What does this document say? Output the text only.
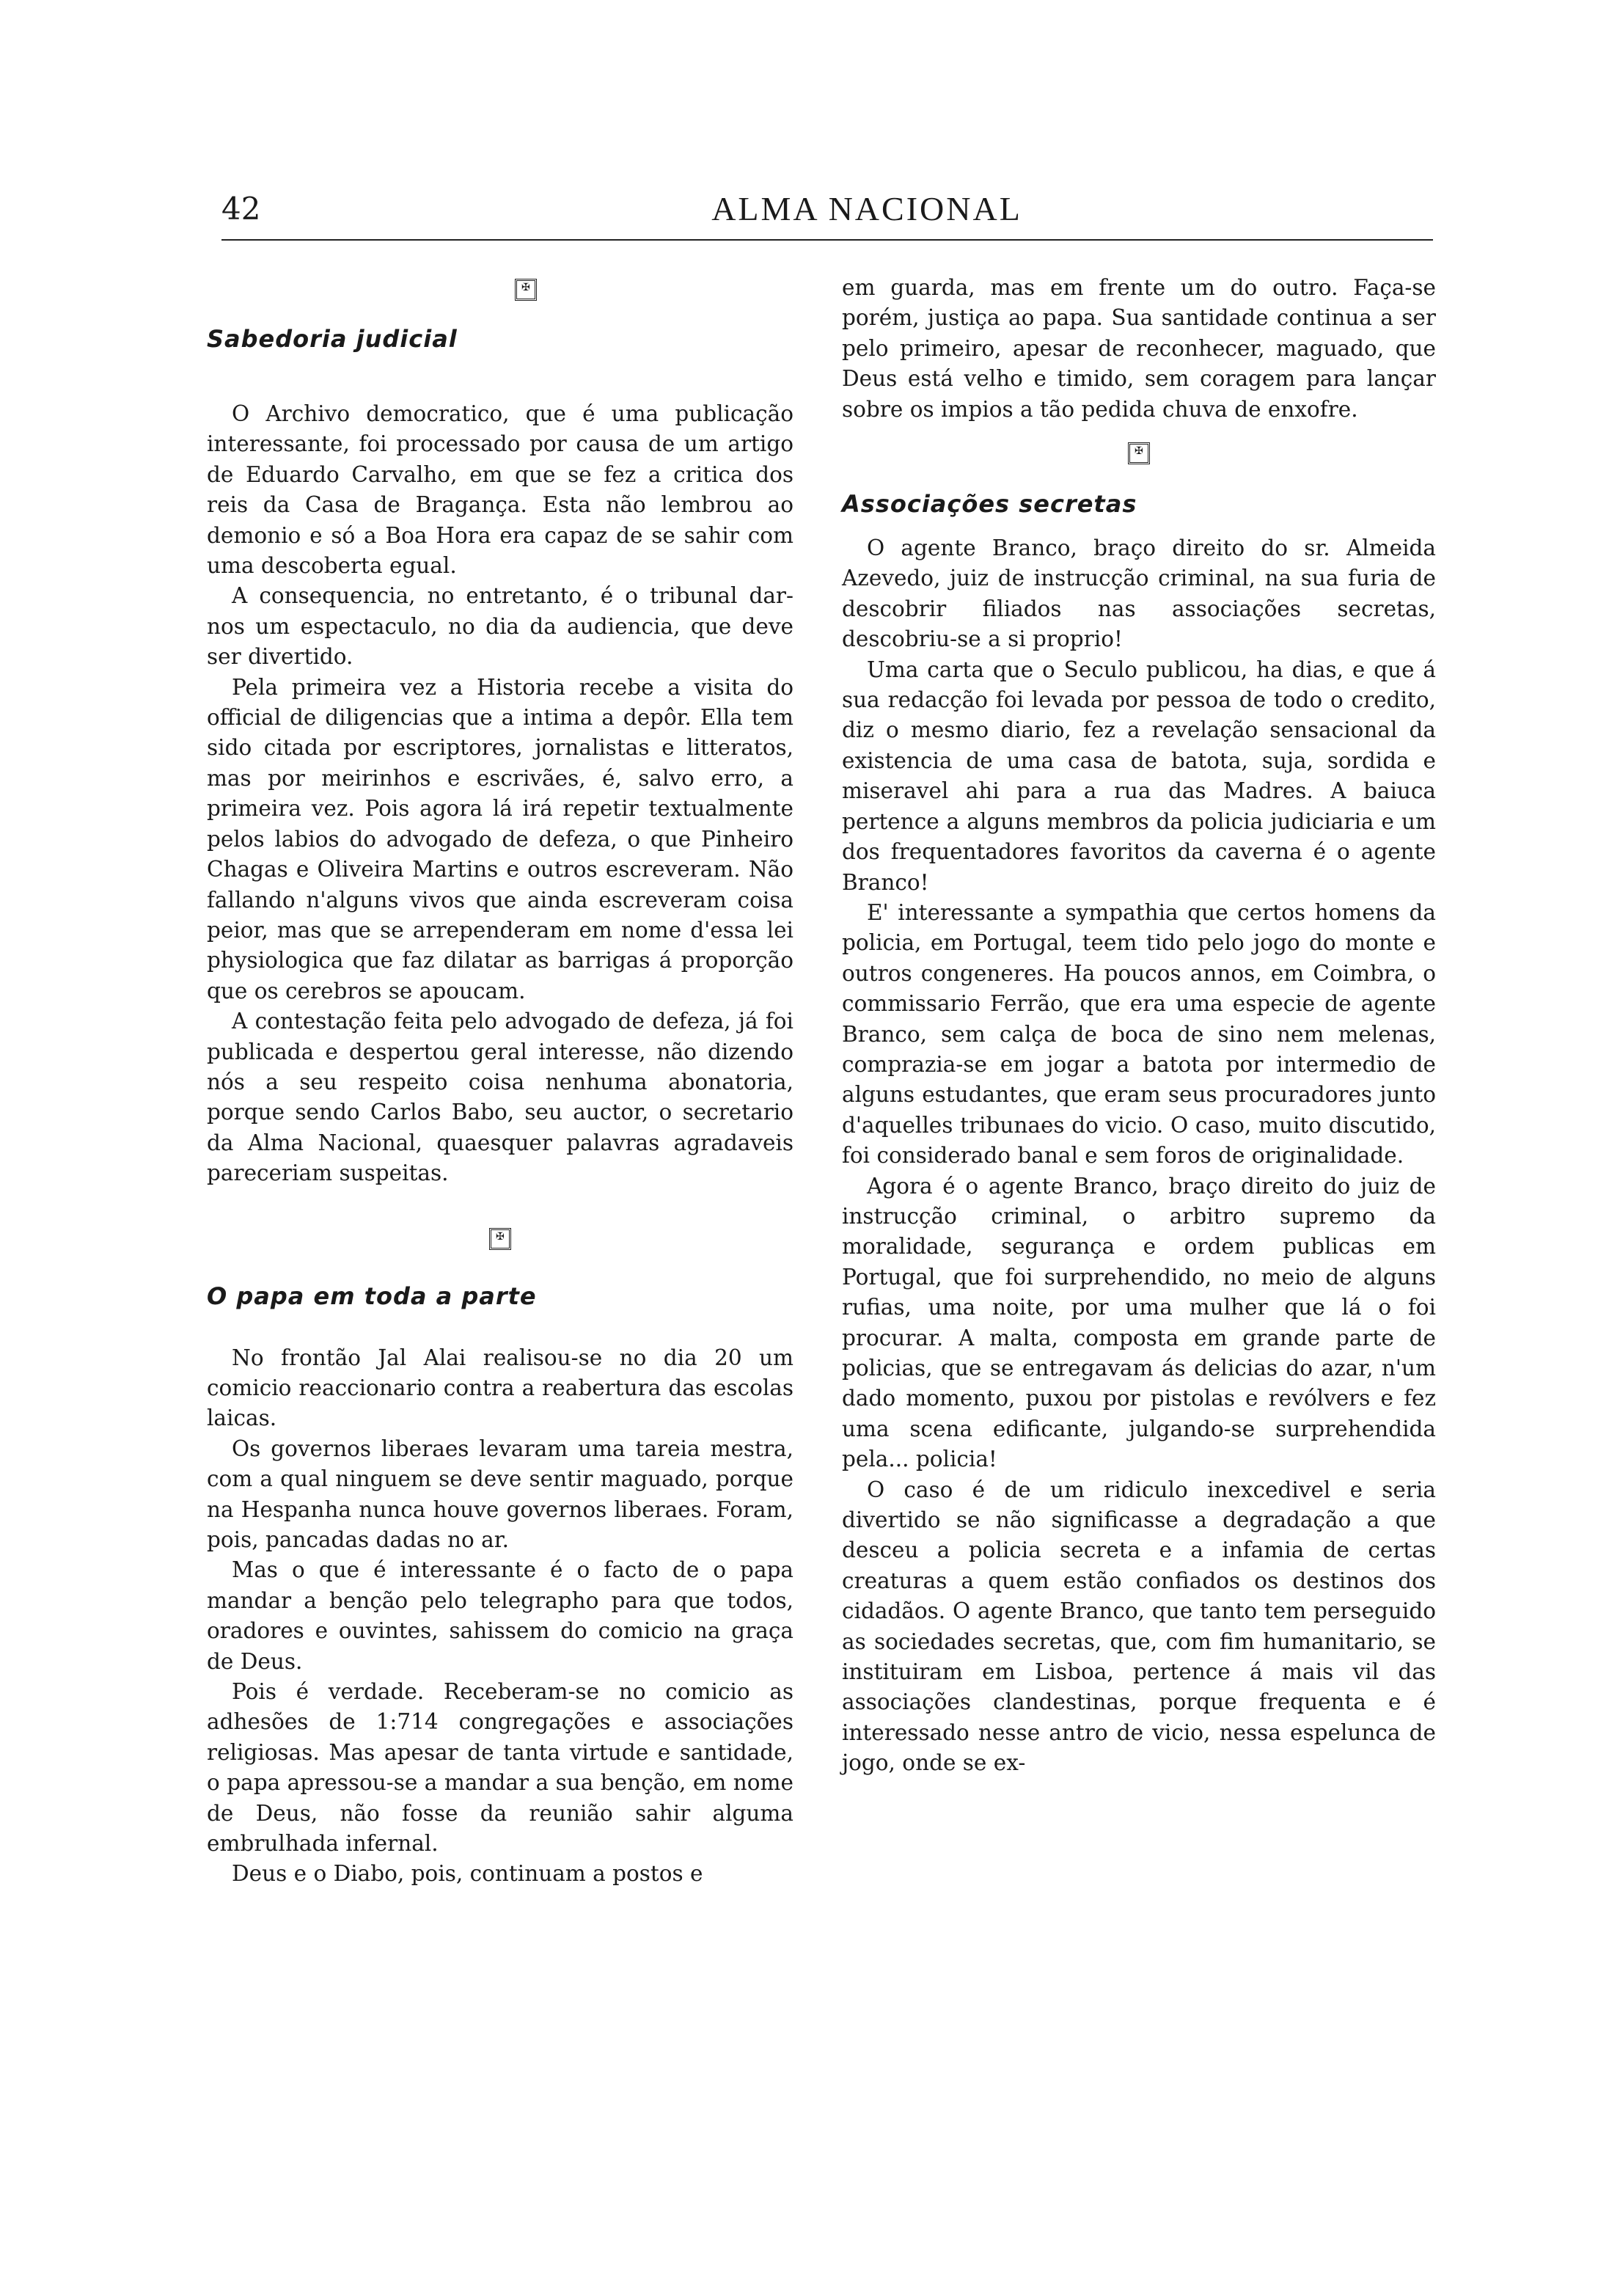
42	ALMA NACIONAL
✠
Sabedoria judicial

O Archivo democratico, que é uma publicação interessante, foi processado por causa de um artigo de Eduardo Carvalho, em que se fez a critica dos reis da Casa de Bragança. Esta não lembrou ao demonio e só a Boa Hora era capaz de se sahir com uma descoberta egual.

A consequencia, no entretanto, é o tribunal dar-nos um espectaculo, no dia da audiencia, que deve ser divertido.

Pela primeira vez a Historia recebe a visita do official de diligencias que a intima a depôr. Ella tem sido citada por escriptores, jornalistas e litteratos, mas por meirinhos e escrivães, é, salvo erro, a primeira vez. Pois agora lá irá repetir textualmente pelos labios do advogado de defeza, o que Pinheiro Chagas e Oliveira Martins e outros escreveram. Não fallando n'alguns vivos que ainda escreveram coisa peior, mas que se arrependeram em nome d'essa lei physiologica que faz dilatar as barrigas á proporção que os cerebros se apoucam.

A contestação feita pelo advogado de defeza, já foi publicada e despertou geral interesse, não dizendo nós a seu respeito coisa nenhuma abonatoria, porque sendo Carlos Babo, seu auctor, o secretario da Alma Nacional, quaesquer palavras agradaveis pareceriam suspeitas.

✠
O papa em toda a parte

No frontão Jal Alai realisou-se no dia 20 um comicio reaccionario contra a reabertura das escolas laicas.

Os governos liberaes levaram uma tareia mestra, com a qual ninguem se deve sentir maguado, porque na Hespanha nunca houve governos liberaes. Foram, pois, pancadas dadas no ar.

Mas o que é interessante é o facto de o papa mandar a benção pelo telegrapho para que todos, oradores e ouvintes, sahissem do comicio na graça de Deus.

Pois é verdade. Receberam-se no comicio as adhesões de 1:714 congregações e associações religiosas. Mas apesar de tanta virtude e santidade, o papa apressou-se a mandar a sua benção, em nome de Deus, não fosse da reunião sahir alguma embrulhada infernal.

Deus e o Diabo, pois, continuam a postos e

em guarda, mas em frente um do outro. Faça-se porém, justiça ao papa. Sua santidade continua a ser pelo primeiro, apesar de reconhecer, maguado, que Deus está velho e timido, sem coragem para lançar sobre os impios a tão pedida chuva de enxofre.

✠
Associações secretas

O agente Branco, braço direito do sr. Almeida Azevedo, juiz de instrucção criminal, na sua furia de descobrir filiados nas associações secretas, descobriu-se a si proprio!

Uma carta que o Seculo publicou, ha dias, e que á sua redacção foi levada por pessoa de todo o credito, diz o mesmo diario, fez a revelação sensacional da existencia de uma casa de batota, suja, sordida e miseravel ahi para a rua das Madres. A baiuca pertence a alguns membros da policia judiciaria e um dos frequentadores favoritos da caverna é o agente Branco!

E' interessante a sympathia que certos homens da policia, em Portugal, teem tido pelo jogo do monte e outros congeneres. Ha poucos annos, em Coimbra, o commissario Ferrão, que era uma especie de agente Branco, sem calça de boca de sino nem melenas, comprazia-se em jogar a batota por intermedio de alguns estudantes, que eram seus procuradores junto d'aquelles tribunaes do vicio. O caso, muito discutido, foi considerado banal e sem foros de originalidade.

Agora é o agente Branco, braço direito do juiz de instrucção criminal, o arbitro supremo da moralidade, segurança e ordem publicas em Portugal, que foi surprehendido, no meio de alguns rufias, uma noite, por uma mulher que lá o foi procurar. A malta, composta em grande parte de policias, que se entregavam ás delicias do azar, n'um dado momento, puxou por pistolas e revólvers e fez uma scena edificante, julgando-se surprehendida pela... policia!

O caso é de um ridiculo inexcedivel e seria divertido se não significasse a degradação a que desceu a policia secreta e a infamia de certas creaturas a quem estão confiados os destinos dos cidadãos. O agente Branco, que tanto tem perseguido as sociedades secretas, que, com fim humanitario, se instituiram em Lisboa, pertence á mais vil das associações clandestinas, porque frequenta e é interessado nesse antro de vicio, nessa espelunca de jogo, onde se ex-
